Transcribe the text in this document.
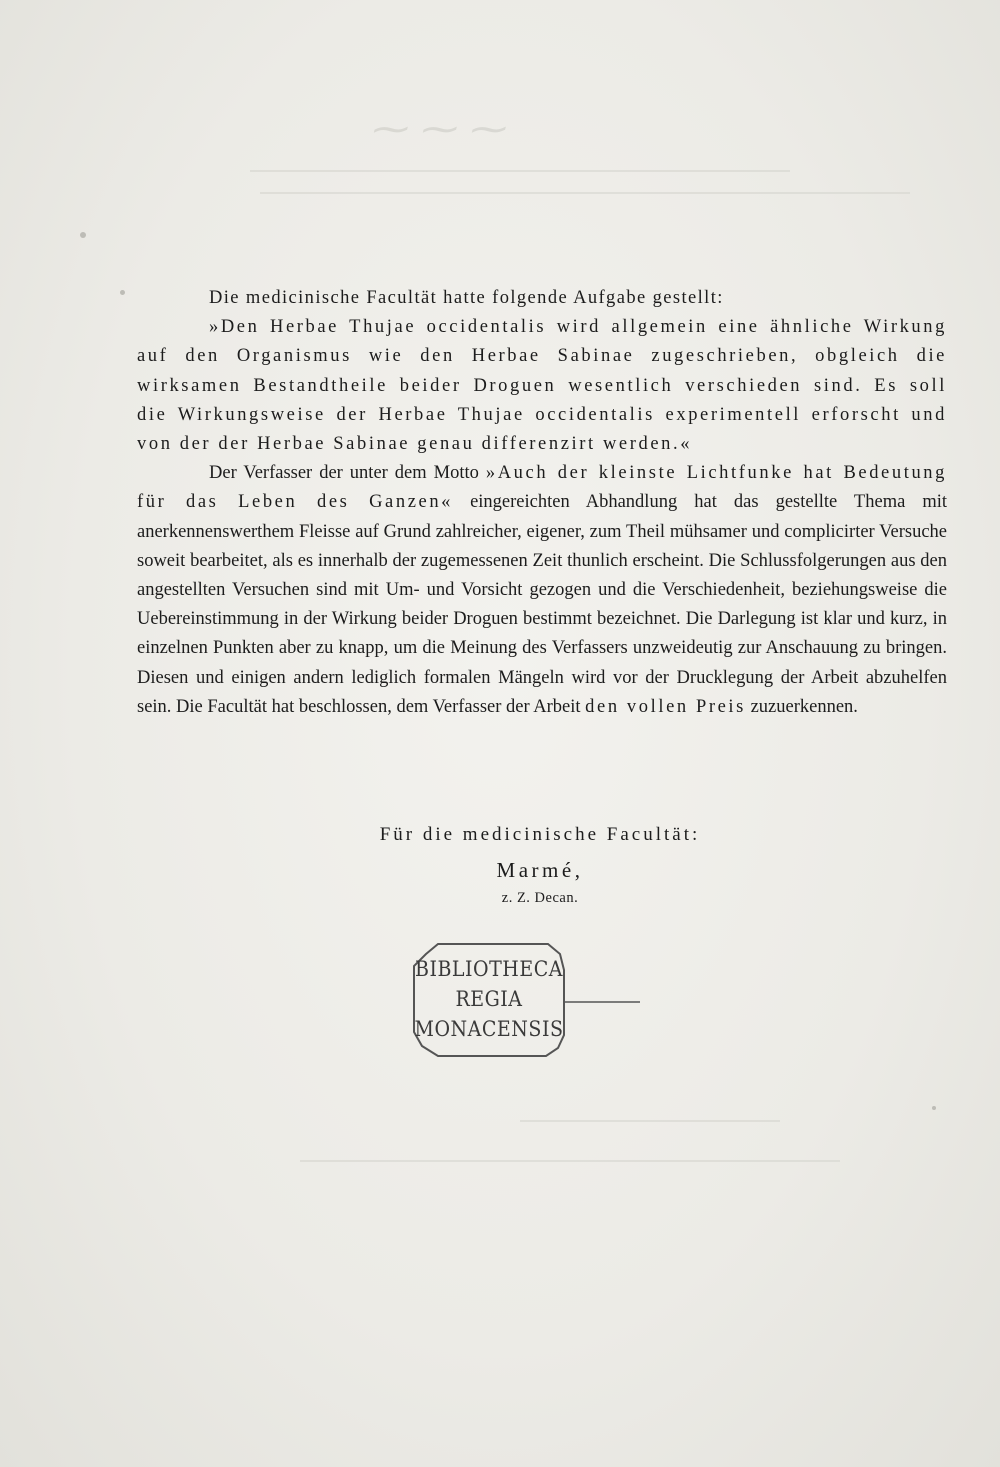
⁓ ⁓ ⁓

Die medicinische Facultät hatte folgende Aufgabe gestellt:

»Den Herbae Thujae occidentalis wird allgemein eine ähnliche Wirkung auf den Organismus wie den Herbae Sabinae zugeschrieben, obgleich die wirksamen Bestandtheile beider Droguen wesentlich verschieden sind. Es soll die Wirkungsweise der Herbae Thujae occidentalis experimentell erforscht und von der der Herbae Sabinae genau differenzirt werden.«

Der Verfasser der unter dem Motto »Auch der kleinste Lichtfunke hat Bedeutung für das Leben des Ganzen« eingereichten Abhandlung hat das gestellte Thema mit anerkennenswerthem Fleisse auf Grund zahlreicher, eigener, zum Theil mühsamer und complicirter Versuche soweit bearbeitet, als es innerhalb der zugemessenen Zeit thunlich erscheint. Die Schlussfolgerungen aus den angestellten Versuchen sind mit Um- und Vorsicht gezogen und die Verschiedenheit, beziehungsweise die Uebereinstimmung in der Wirkung beider Droguen bestimmt bezeichnet. Die Darlegung ist klar und kurz, in einzelnen Punkten aber zu knapp, um die Meinung des Verfassers unzweideutig zur Anschauung zu bringen. Diesen und einigen andern lediglich formalen Mängeln wird vor der Drucklegung der Arbeit abzuhelfen sein. Die Facultät hat beschlossen, dem Verfasser der Arbeit den vollen Preis zuzuerkennen.

Für die medicinische Facultät:
Marmé,
z. Z. Decan.
BIBLIOTHECA
REGIA
MONACENSIS
